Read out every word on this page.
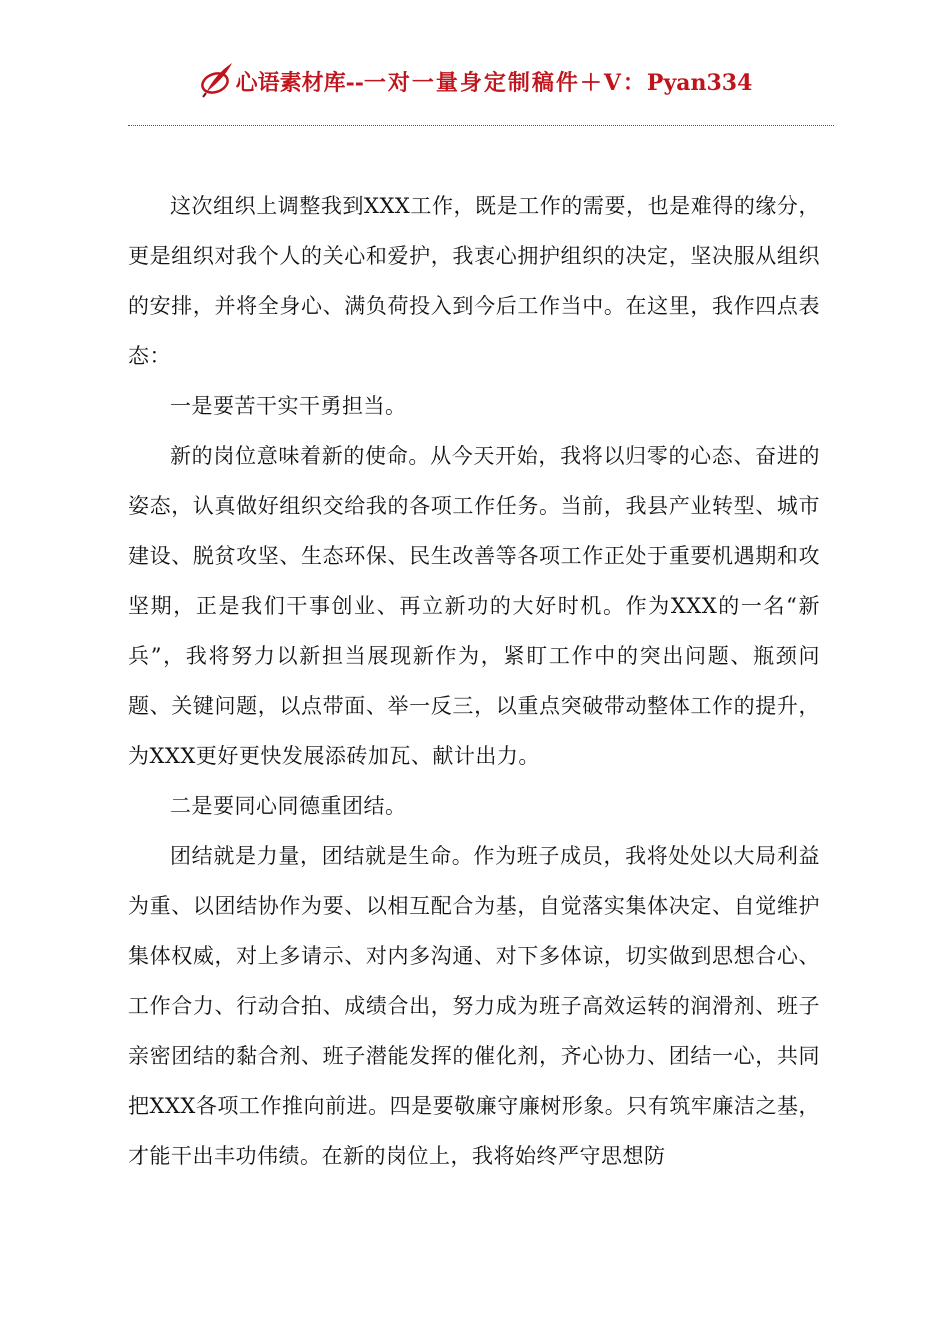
心语素材库--一对一量身定制稿件＋V：Pyan334

这次组织上调整我到XXX工作，既是工作的需要，也是难得的缘分，更是组织对我个人的关心和爱护，我衷心拥护组织的决定，坚决服从组织的安排，并将全身心、满负荷投入到今后工作当中。在这里，我作四点表态：

一是要苦干实干勇担当。

新的岗位意味着新的使命。从今天开始，我将以归零的心态、奋进的姿态，认真做好组织交给我的各项工作任务。当前，我县产业转型、城市建设、脱贫攻坚、生态环保、民生改善等各项工作正处于重要机遇期和攻坚期，正是我们干事创业、再立新功的大好时机。作为XXX的一名“新兵”，我将努力以新担当展现新作为，紧盯工作中的突出问题、瓶颈问题、关键问题，以点带面、举一反三，以重点突破带动整体工作的提升，为XXX更好更快发展添砖加瓦、献计出力。

二是要同心同德重团结。

团结就是力量，团结就是生命。作为班子成员，我将处处以大局利益为重、以团结协作为要、以相互配合为基，自觉落实集体决定、自觉维护集体权威，对上多请示、对内多沟通、对下多体谅，切实做到思想合心、工作合力、行动合拍、成绩合出，努力成为班子高效运转的润滑剂、班子亲密团结的黏合剂、班子潜能发挥的催化剂，齐心协力、团结一心，共同把XXX各项工作推向前进。四是要敬廉守廉树形象。只有筑牢廉洁之基，才能干出丰功伟绩。在新的岗位上，我将始终严守思想防
